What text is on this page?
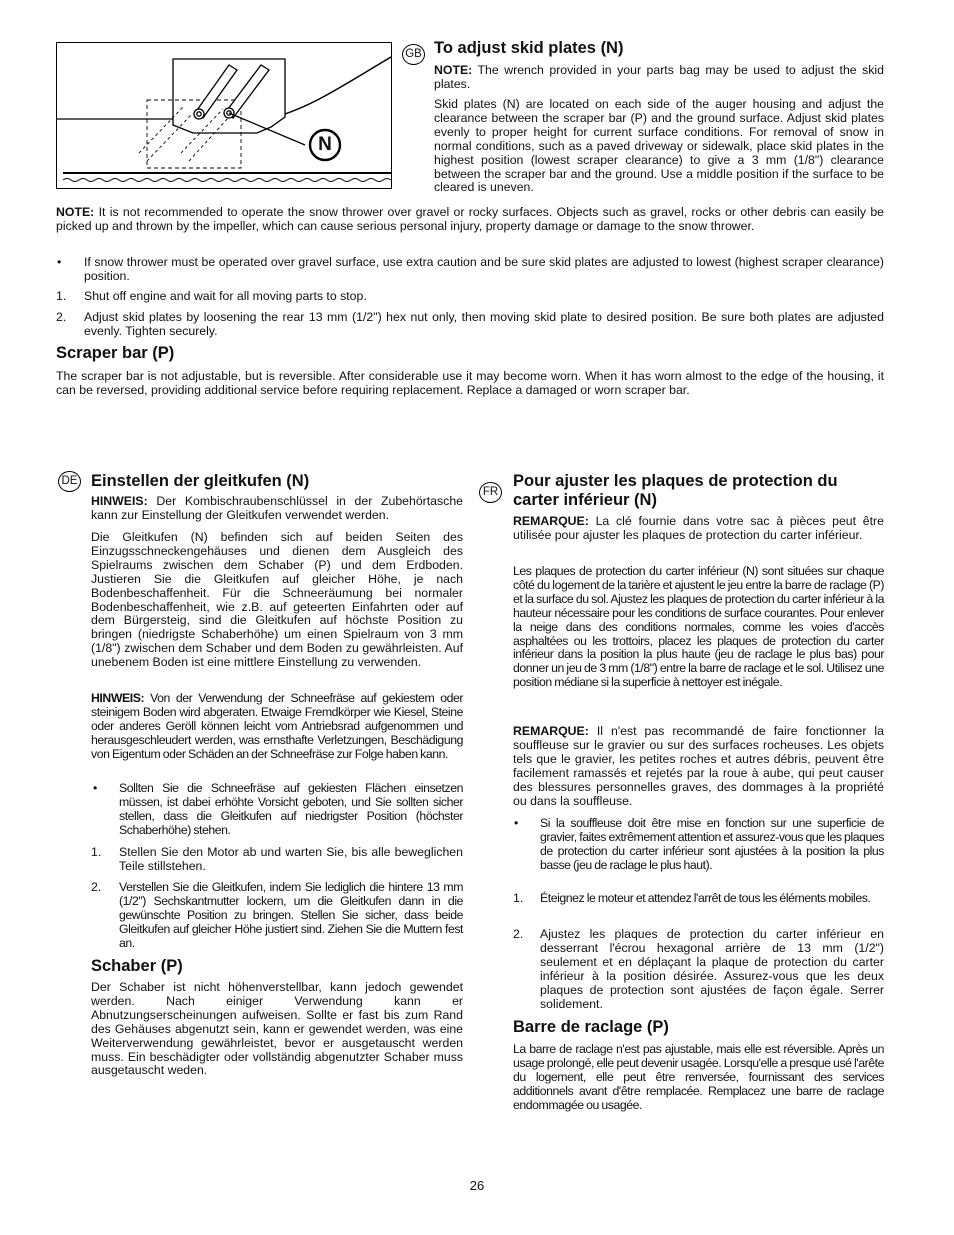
N
GB To adjust skid plates (N)

NOTE: The wrench provided in your parts bag may be used to adjust the skid plates.

Skid plates (N) are located on each side of the auger housing and adjust the clearance between the scraper bar (P) and the ground surface. Adjust skid plates evenly to proper height for current surface conditions. For removal of snow in normal conditions, such as a paved driveway or sidewalk, place skid plates in the highest position (lowest scraper clearance) to give a 3 mm (1/8") clearance between the scraper bar and the ground. Use a middle position if the surface to be cleared is uneven.

NOTE: It is not recommended to operate the snow thrower over gravel or rocky surfaces. Objects such as gravel, rocks or other debris can easily be picked up and thrown by the impeller, which can cause serious personal injury, property damage or damage to the snow thrower.

• If snow thrower must be operated over gravel surface, use extra caution and be sure skid plates are adjusted to lowest (highest scraper clearance) position.

1. Shut off engine and wait for all moving parts to stop.

2. Adjust skid plates by loosening the rear 13 mm (1/2") hex nut only, then moving skid plate to desired position. Be sure both plates are adjusted evenly. Tighten securely.

Scraper bar (P)

The scraper bar is not adjustable, but is reversible. After considerable use it may become worn. When it has worn almost to the edge of the housing, it can be reversed, providing additional service before requiring replacement. Replace a damaged or worn scraper bar.

DE Einstellen der gleitkufen (N)

HINWEIS: Der Kombischraubenschlüssel in der Zubehörtasche kann zur Einstellung der Gleitkufen verwendet werden.

Die Gleitkufen (N) befinden sich auf beiden Seiten des Einzugsschneckengehäuses und dienen dem Ausgleich des Spielraums zwischen dem Schaber (P) und dem Erdboden. Justieren Sie die Gleitkufen auf gleicher Höhe, je nach Bodenbeschaffenheit. Für die Schneeräumung bei normaler Bodenbeschaffenheit, wie z.B. auf geteerten Einfahrten oder auf dem Bürgersteig, sind die Gleitkufen auf höchste Position zu bringen (niedrigste Schaberhöhe) um einen Spielraum von 3 mm (1/8") zwischen dem Schaber und dem Boden zu gewährleisten. Auf unebenem Boden ist eine mittlere Einstellung zu verwenden.

HINWEIS: Von der Verwendung der Schneefräse auf gekiestem oder steinigem Boden wird abgeraten. Etwaige Fremdkörper wie Kiesel, Steine oder anderes Geröll können leicht vom Antriebsrad aufgenommen und herausgeschleudert werden, was ernsthafte Verletzungen, Beschädigung von Eigentum oder Schäden an der Schneefräse zur Folge haben kann.

• Sollten Sie die Schneefräse auf gekiesten Flächen einsetzen müssen, ist dabei erhöhte Vorsicht geboten, und Sie sollten sicher stellen, dass die Gleitkufen auf niedrigster Position (höchster Schaberhöhe) stehen.

1. Stellen Sie den Motor ab und warten Sie, bis alle beweglichen Teile stillstehen.

2. Verstellen Sie die Gleitkufen, indem Sie lediglich die hintere 13 mm (1/2") Sechskantmutter lockern, um die Gleitkufen dann in die gewünschte Position zu bringen. Stellen Sie sicher, dass beide Gleitkufen auf gleicher Höhe justiert sind. Ziehen Sie die Muttern fest an.

Schaber (P)

Der Schaber ist nicht höhenverstellbar, kann jedoch gewendet werden. Nach einiger Verwendung kann er Abnutzungserscheinungen aufweisen. Sollte er fast bis zum Rand des Gehäuses abgenutzt sein, kann er gewendet werden, was eine Weiterverwendung gewährleistet, bevor er ausgetauscht werden muss. Ein beschädigter oder vollständig abgenutzter Schaber muss ausgetauscht weden.

FR
Pour ajuster les plaques de protection du carter inférieur (N)

REMARQUE: La clé fournie dans votre sac à pièces peut être utilisée pour ajuster les plaques de protection du carter inférieur.

Les plaques de protection du carter inférieur (N) sont situées sur chaque côté du logement de la tarière et ajustent le jeu entre la barre de raclage (P) et la surface du sol. Ajustez les plaques de protection du carter inférieur à la hauteur nécessaire pour les conditions de surface courantes. Pour enlever la neige dans des conditions normales, comme les voies d'accès asphaltées ou les trottoirs, placez les plaques de protection du carter inférieur dans la position la plus haute (jeu de raclage le plus bas) pour donner un jeu de 3 mm (1/8") entre la barre de raclage et le sol. Utilisez une position médiane si la superficie à nettoyer est inégale.

REMARQUE: Il n'est pas recommandé de faire fonctionner la souffleuse sur le gravier ou sur des surfaces rocheuses. Les objets tels que le gravier, les petites roches et autres débris, peuvent être facilement ramassés et rejetés par la roue à aube, qui peut causer des blessures personnelles graves, des dommages à la propriété ou dans la souffleuse.

• Si la souffleuse doit être mise en fonction sur une superficie de gravier, faites extrêmement attention et assurez-vous que les plaques de protection du carter inférieur sont ajustées à la position la plus basse (jeu de raclage le plus haut).

1. Éteignez le moteur et attendez l'arrêt de tous les éléments mobiles.

2. Ajustez les plaques de protection du carter inférieur en desserrant l'écrou hexagonal arrière de 13 mm (1/2") seulement et en déplaçant la plaque de protection du carter inférieur à la position désirée. Assurez-vous que les deux plaques de protection sont ajustées de façon égale. Serrer solidement.

Barre de raclage (P)

La barre de raclage n'est pas ajustable, mais elle est réversible. Après un usage prolongé, elle peut devenir usagée. Lorsqu'elle a presque usé l'arête du logement, elle peut être renversée, fournissant des services additionnels avant d'être remplacée. Remplacez une barre de raclage endommagée ou usagée.

26
